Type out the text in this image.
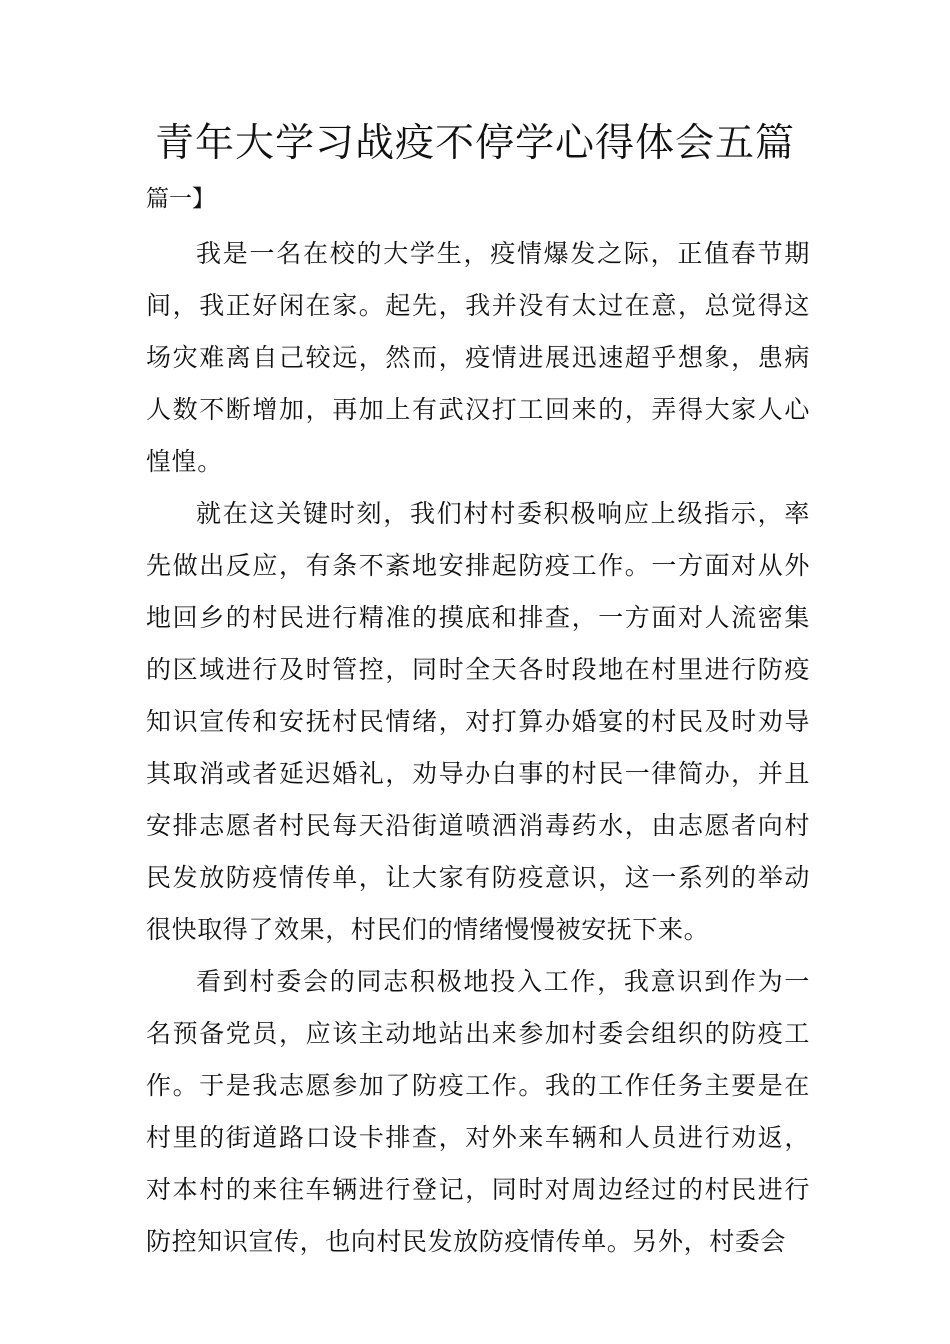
青年大学习战疫不停学心得体会五篇

篇一】

我是一名在校的大学生，疫情爆发之际，正值春节期间，我正好闲在家。起先，我并没有太过在意，总觉得这场灾难离自己较远，然而，疫情进展迅速超乎想象，患病人数不断增加，再加上有武汉打工回来的，弄得大家人心惶惶。

就在这关键时刻，我们村村委积极响应上级指示，率先做出反应，有条不紊地安排起防疫工作。一方面对从外地回乡的村民进行精准的摸底和排查，一方面对人流密集的区域进行及时管控，同时全天各时段地在村里进行防疫知识宣传和安抚村民情绪，对打算办婚宴的村民及时劝导其取消或者延迟婚礼，劝导办白事的村民一律简办，并且安排志愿者村民每天沿街道喷洒消毒药水，由志愿者向村民发放防疫情传单，让大家有防疫意识，这一系列的举动很快取得了效果，村民们的情绪慢慢被安抚下来。

看到村委会的同志积极地投入工作，我意识到作为一名预备党员，应该主动地站出来参加村委会组织的防疫工作。于是我志愿参加了防疫工作。我的工作任务主要是在村里的街道路口设卡排查，对外来车辆和人员进行劝返，对本村的来往车辆进行登记，同时对周边经过的村民进行防控知识宣传，也向村民发放防疫情传单。另外，村委会
